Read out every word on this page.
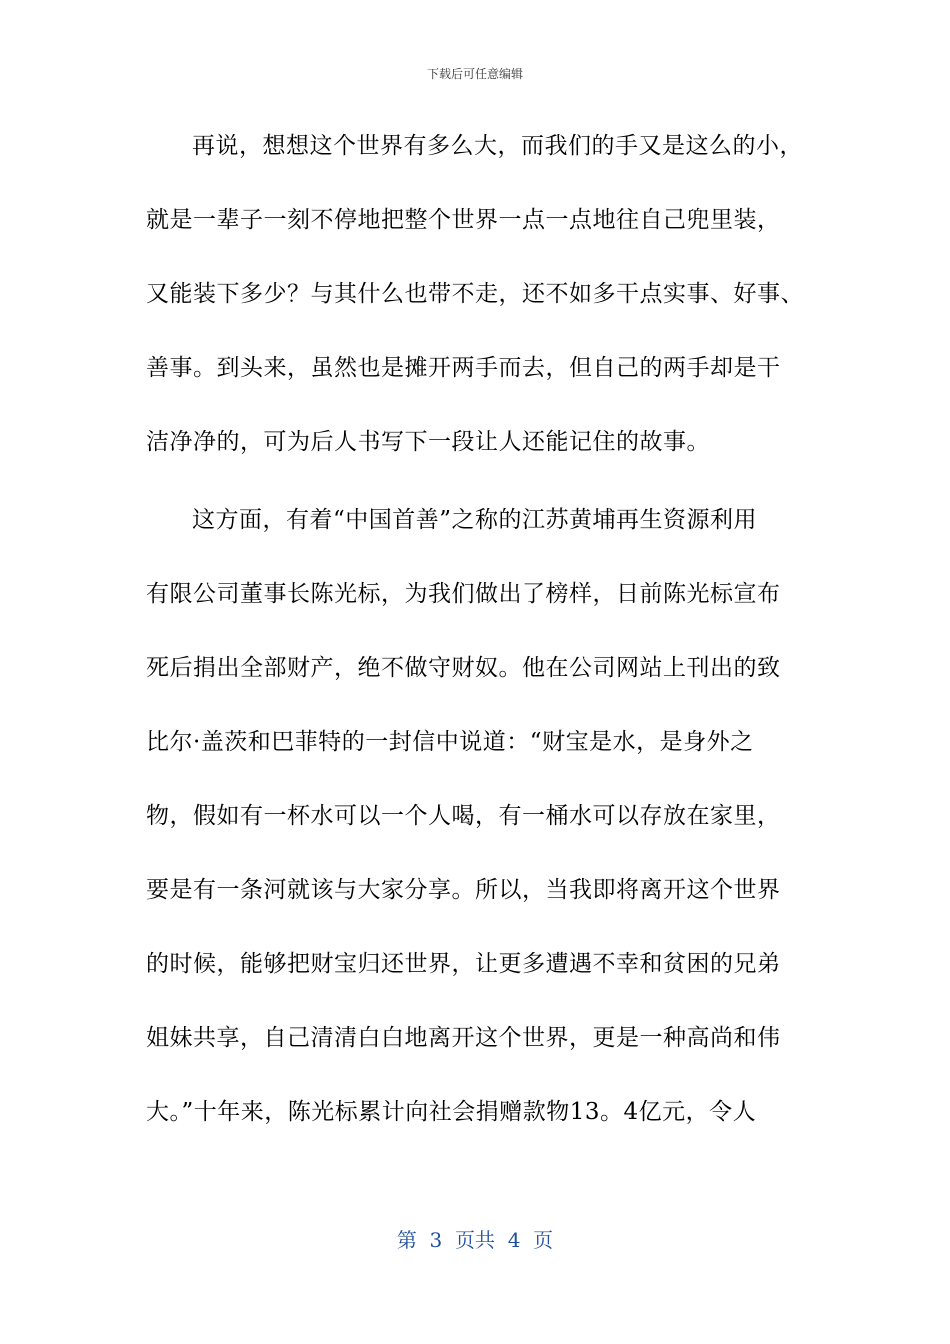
下载后可任意编辑
再说，想想这个世界有多么大，而我们的手又是这么的小，
就是一辈子一刻不停地把整个世界一点一点地往自己兜里装，
又能装下多少？与其什么也带不走，还不如多干点实事、好事、
善事。到头来，虽然也是摊开两手而去，但自己的两手却是干
洁净净的，可为后人书写下一段让人还能记住的故事。
这方面，有着“中国首善”之称的江苏黄埔再生资源利用
有限公司董事长陈光标，为我们做出了榜样，日前陈光标宣布
死后捐出全部财产，绝不做守财奴。他在公司网站上刊出的致
比尔·盖茨和巴菲特的一封信中说道：“财宝是水，是身外之
物，假如有一杯水可以一个人喝，有一桶水可以存放在家里，
要是有一条河就该与大家分享。所以，当我即将离开这个世界
的时候，能够把财宝归还世界，让更多遭遇不幸和贫困的兄弟
姐妹共享，自己清清白白地离开这个世界，更是一种高尚和伟
大。”十年来，陈光标累计向社会捐赠款物13。4亿元，令人
第  3  页共  4  页
